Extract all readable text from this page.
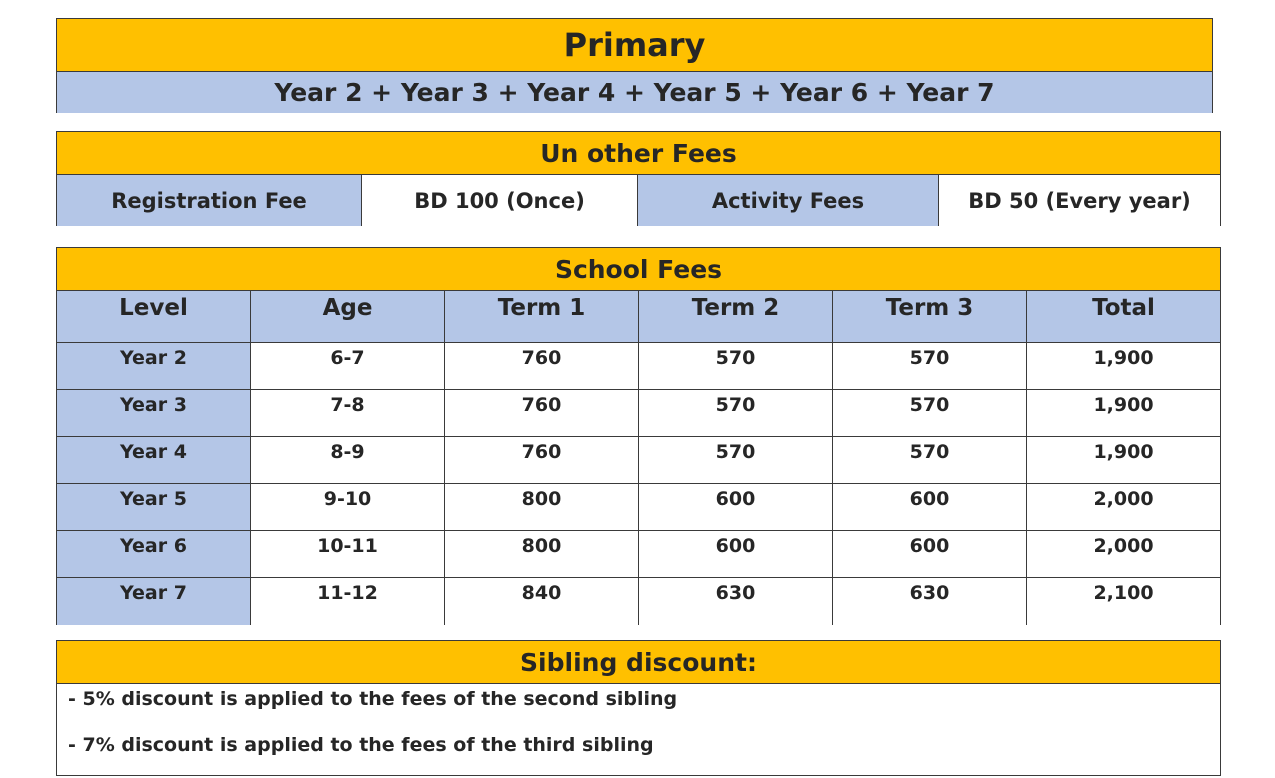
Primary
Year 2 + Year 3 + Year 4 + Year 5 + Year 6 + Year 7
Un other Fees
Registration Fee	BD 100 (Once)	Activity Fees	BD 50 (Every year)
School Fees
Level	Age	Term 1	Term 2	Term 3	Total
Year 2	6-7	760	570	570	1,900
Year 3	7-8	760	570	570	1,900
Year 4	8-9	760	570	570	1,900
Year 5	9-10	800	600	600	2,000
Year 6	10-11	800	600	600	2,000
Year 7	11-12	840	630	630	2,100
Sibling discount:
- 5% discount is applied to the fees of the second sibling
- 7% discount is applied to the fees of the third sibling
